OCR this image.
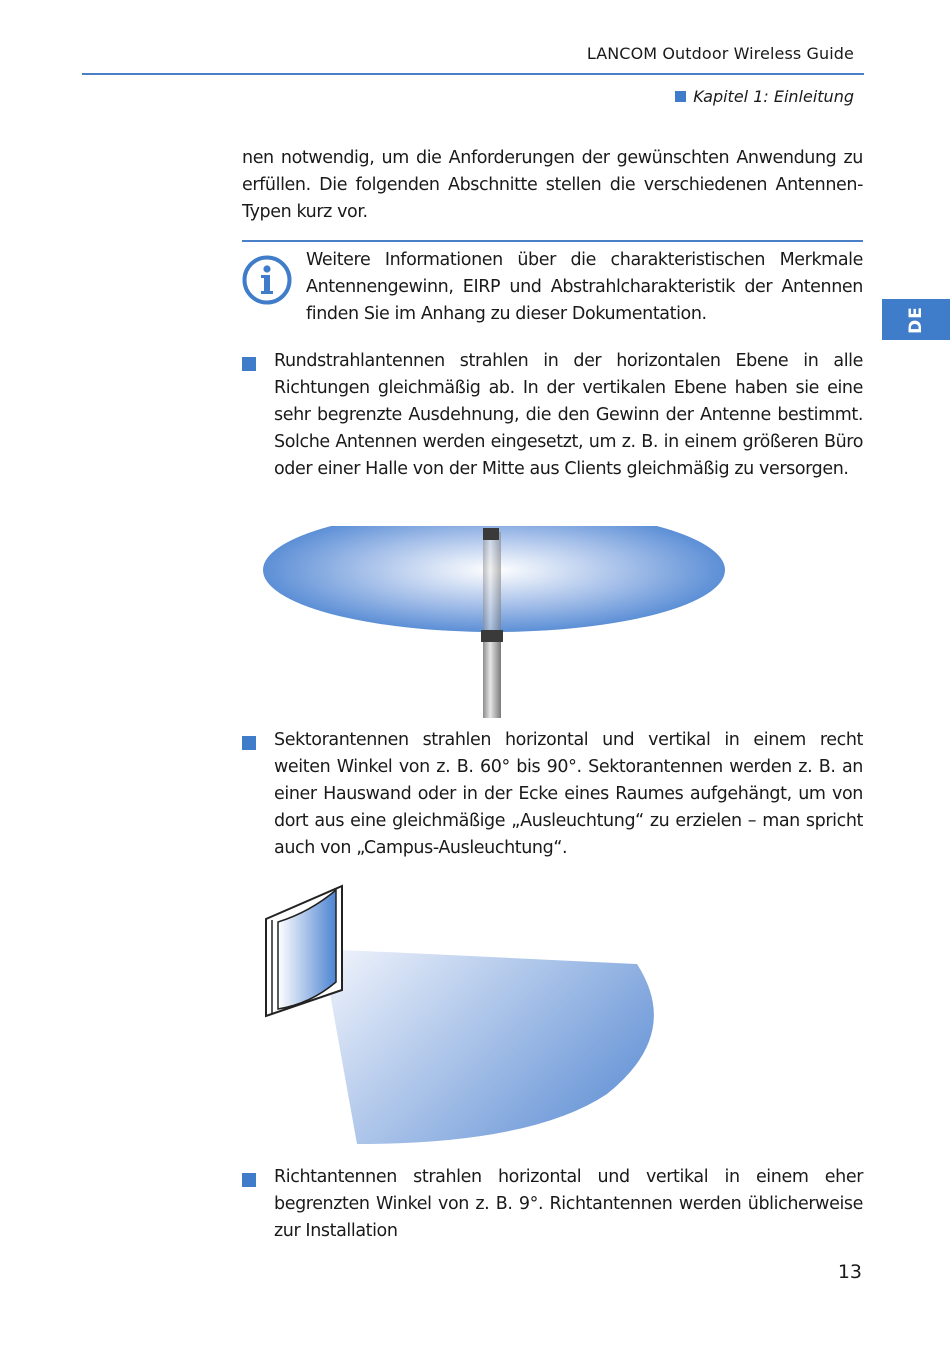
LANCOM Outdoor Wireless Guide
Kapitel 1: Einleitung
DE
nen notwendig, um die Anforderungen der gewünschten Anwendung zu erfüllen. Die folgenden Abschnitte stellen die verschiedenen Antennen-Typen kurz vor.
Weitere Informationen über die charakteristischen Merkmale Antennengewinn, EIRP und Abstrahlcharakteristik der Antennen finden Sie im Anhang zu dieser Dokumentation.
Rundstrahlantennen strahlen in der horizontalen Ebene in alle Richtungen gleichmäßig ab. In der vertikalen Ebene haben sie eine sehr begrenzte Ausdehnung, die den Gewinn der Antenne bestimmt. Solche Antennen werden eingesetzt, um z. B. in einem größeren Büro oder einer Halle von der Mitte aus Clients gleichmäßig zu versorgen.
Sektorantennen strahlen horizontal und vertikal in einem recht weiten Winkel von z. B. 60° bis 90°. Sektorantennen werden z. B. an einer Hauswand oder in der Ecke eines Raumes aufgehängt, um von dort aus eine gleichmäßige „Ausleuchtung“ zu erzielen – man spricht auch von „Campus-Ausleuchtung“.
Richtantennen strahlen horizontal und vertikal in einem eher begrenzten Winkel von z. B. 9°. Richtantennen werden üblicherweise zur Installation
13
